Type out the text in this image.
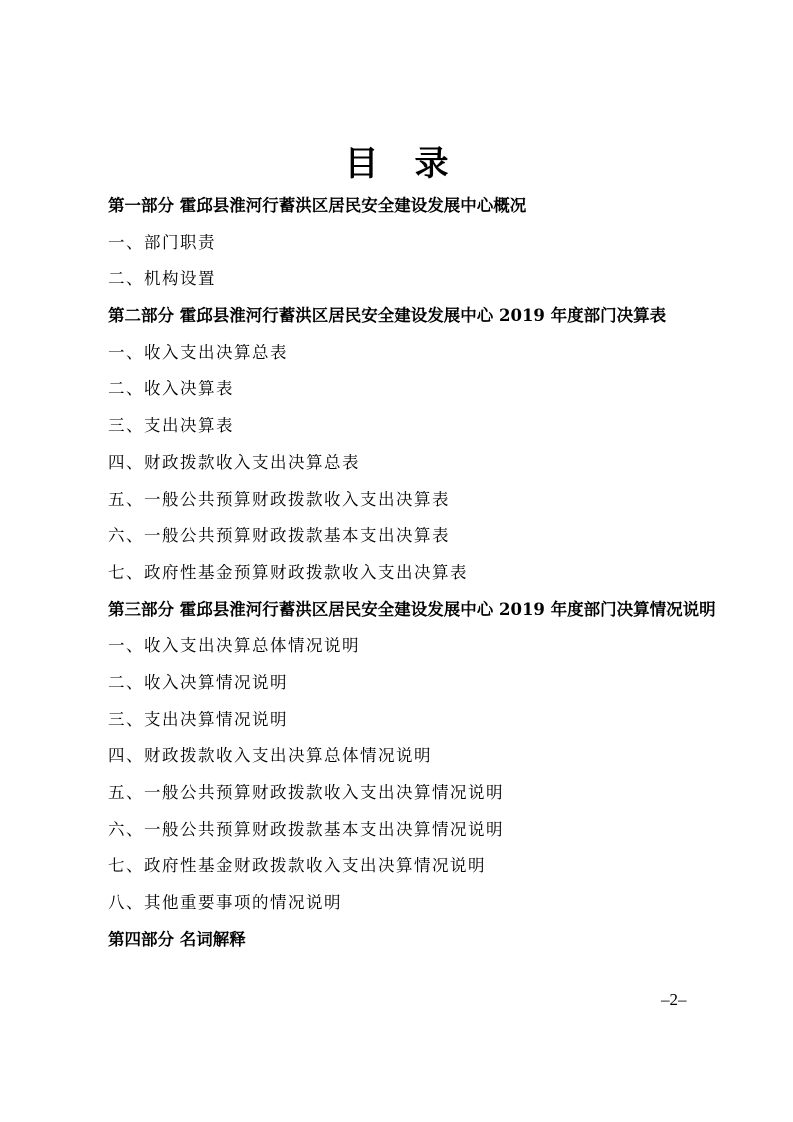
目 录
第一部分 霍邱县淮河行蓄洪区居民安全建设发展中心概况
一、部门职责
二、机构设置
第二部分 霍邱县淮河行蓄洪区居民安全建设发展中心 2019 年度部门决算表
一、收入支出决算总表
二、收入决算表
三、支出决算表
四、财政拨款收入支出决算总表
五、一般公共预算财政拨款收入支出决算表
六、一般公共预算财政拨款基本支出决算表
七、政府性基金预算财政拨款收入支出决算表
第三部分 霍邱县淮河行蓄洪区居民安全建设发展中心 2019 年度部门决算情况说明
一、收入支出决算总体情况说明
二、收入决算情况说明
三、支出决算情况说明
四、财政拨款收入支出决算总体情况说明
五、一般公共预算财政拨款收入支出决算情况说明
六、一般公共预算财政拨款基本支出决算情况说明
七、政府性基金财政拨款收入支出决算情况说明
八、其他重要事项的情况说明
第四部分 名词解释
–2–
